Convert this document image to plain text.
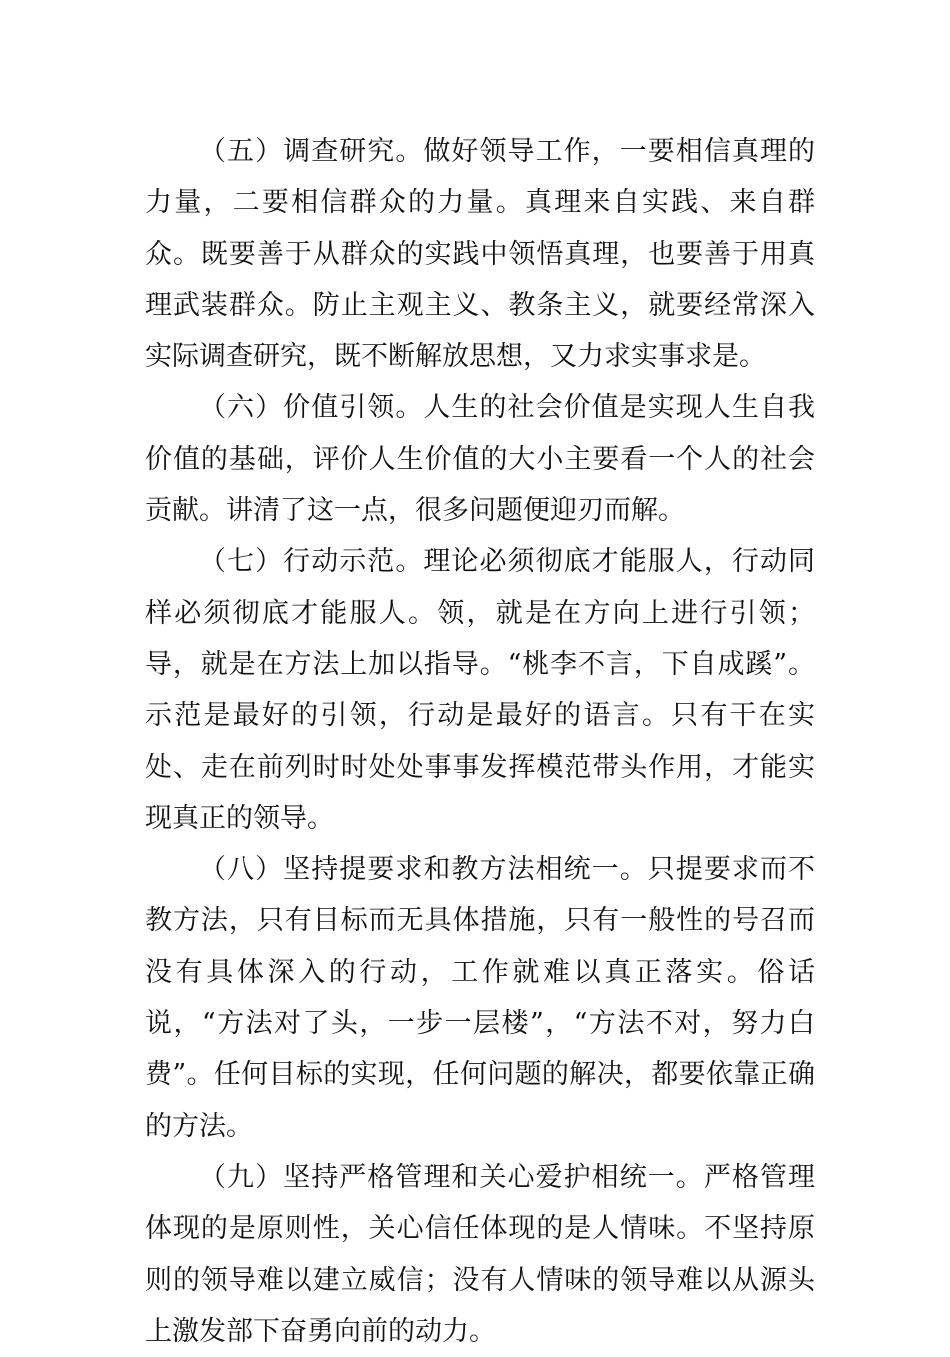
（五）调查研究。做好领导工作，一要相信真理的力量，二要相信群众的力量。真理来自实践、来自群众。既要善于从群众的实践中领悟真理，也要善于用真理武装群众。防止主观主义、教条主义，就要经常深入实际调查研究，既不断解放思想，又力求实事求是。

（六）价值引领。人生的社会价值是实现人生自我价值的基础，评价人生价值的大小主要看一个人的社会贡献。讲清了这一点，很多问题便迎刃而解。

（七）行动示范。理论必须彻底才能服人，行动同样必须彻底才能服人。领，就是在方向上进行引领；导，就是在方法上加以指导。“桃李不言，下自成蹊”。示范是最好的引领，行动是最好的语言。只有干在实处、走在前列时时处处事事发挥模范带头作用，才能实现真正的领导。

（八）坚持提要求和教方法相统一。只提要求而不教方法，只有目标而无具体措施，只有一般性的号召而没有具体深入的行动，工作就难以真正落实。俗话说，“方法对了头，一步一层楼”，“方法不对，努力白费”。任何目标的实现，任何问题的解决，都要依靠正确的方法。

（九）坚持严格管理和关心爱护相统一。严格管理体现的是原则性，关心信任体现的是人情味。不坚持原则的领导难以建立威信；没有人情味的领导难以从源头上激发部下奋勇向前的动力。
